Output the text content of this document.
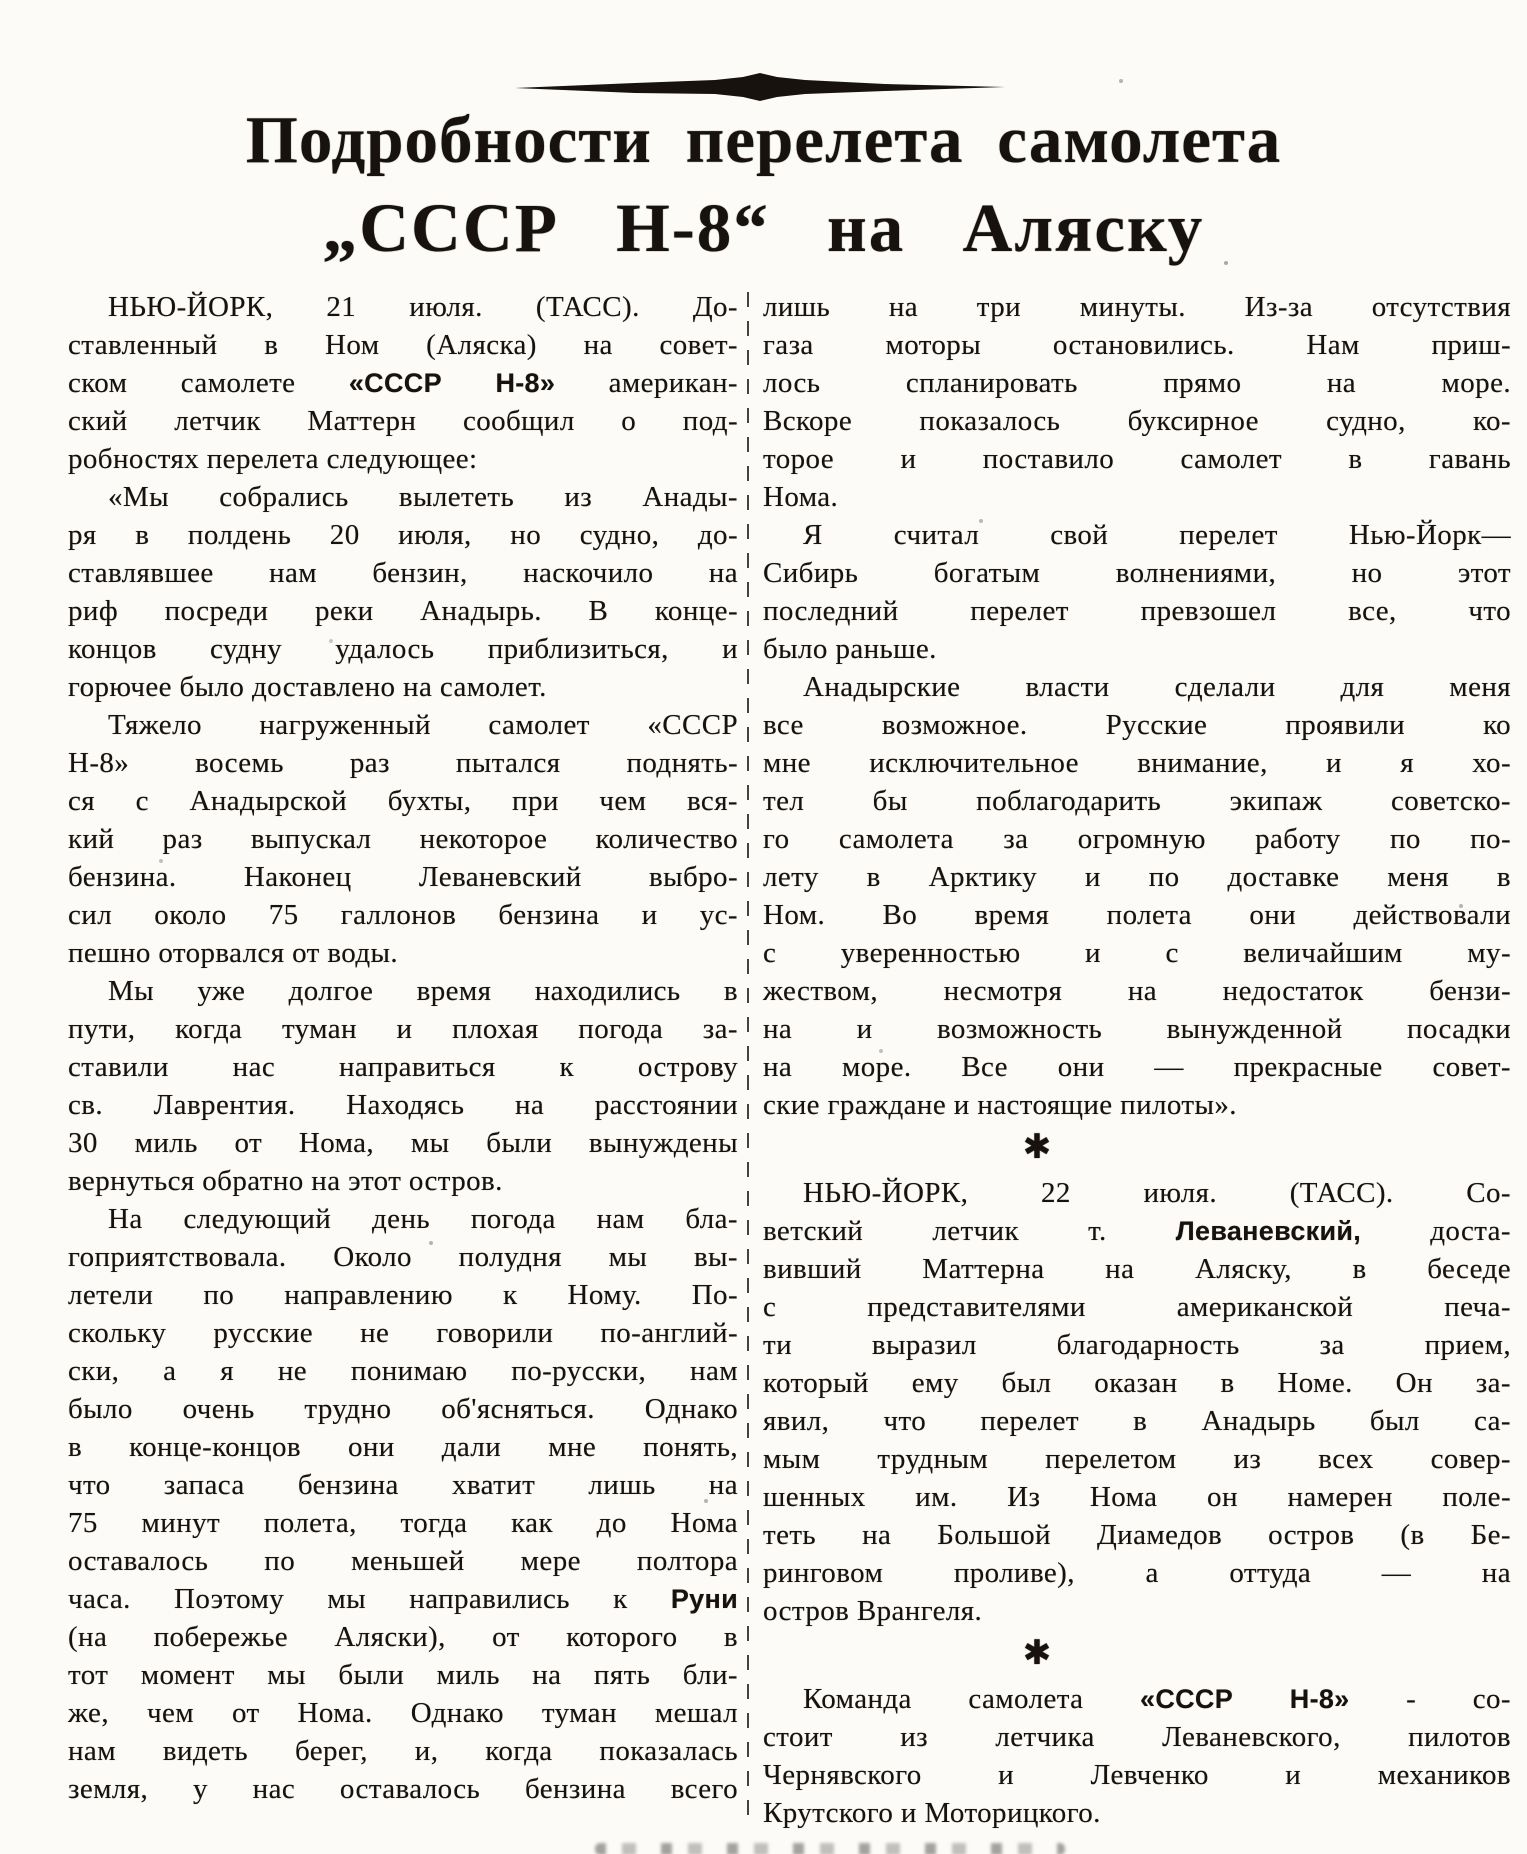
Подробности перелета самолета
„СССР Н-8“ на Аляску
НЬЮ-ЙОРК, 21 июля. (ТАСС). До-
ставленный в Ном (Аляска) на совет-
ском самолете «СССР Н-8» американ-
ский летчик Маттерн сообщил о под-
робностях перелета следующее:
«Мы собрались вылететь из Анады-
ря в полдень 20 июля, но судно, до-
ставлявшее нам бензин, наскочило на
риф посреди реки Анадырь. В конце-
концов судну удалось приблизиться, и
горючее было доставлено на самолет.
Тяжело нагруженный самолет «СССР
Н-8» восемь раз пытался поднять-
ся с Анадырской бухты, при чем вся-
кий раз выпускал некоторое количество
бензина. Наконец Леваневский выбро-
сил около 75 галлонов бензина и ус-
пешно оторвался от воды.
Мы уже долгое время находились в
пути, когда туман и плохая погода за-
ставили нас направиться к острову
св. Лаврентия. Находясь на расстоянии
30 миль от Нома, мы были вынуждены
вернуться обратно на этот остров.
На следующий день погода нам бла-
гоприятствовала. Около полудня мы вы-
летели по направлению к Ному. По-
скольку русские не говорили по-англий-
ски, а я не понимаю по-русски, нам
было очень трудно об'ясняться. Однако
в конце-концов они дали мне понять,
что запаса бензина хватит лишь на
75 минут полета, тогда как до Нома
оставалось по меньшей мере полтора
часа. Поэтому мы направились к Руни
(на побережье Аляски), от которого в
тот момент мы были миль на пять бли-
же, чем от Нома. Однако туман мешал
нам видеть берег, и, когда показалась
земля, у нас оставалось бензина всего
лишь на три минуты. Из-за отсутствия
газа моторы остановились. Нам приш-
лось спланировать прямо на море.
Вскоре показалось буксирное судно, ко-
торое и поставило самолет в гавань
Нома.
Я считал свой перелет Нью-Йорк—
Сибирь богатым волнениями, но этот
последний перелет превзошел все, что
было раньше.
Анадырские власти сделали для меня
все возможное. Русские проявили ко
мне исключительное внимание, и я хо-
тел бы поблагодарить экипаж советско-
го самолета за огромную работу по по-
лету в Арктику и по доставке меня в
Ном. Во время полета они действовали
с уверенностью и с величайшим му-
жеством, несмотря на недостаток бензи-
на и возможность вынужденной посадки
на море. Все они — прекрасные совет-
ские граждане и настоящие пилоты».
✱
НЬЮ-ЙОРК, 22 июля. (ТАСС). Со-
ветский летчик т. Леваневский, доста-
вивший Маттерна на Аляску, в беседе
с представителями американской печа-
ти выразил благодарность за прием,
который ему был оказан в Номе. Он за-
явил, что перелет в Анадырь был са-
мым трудным перелетом из всех совер-
шенных им. Из Нома он намерен поле-
теть на Большой Диамедов остров (в Бе-
ринговом проливе), а оттуда — на
остров Врангеля.
✱
Команда самолета «СССР Н-8» - со-
стоит из летчика Леваневского, пилотов
Чернявского и Левченко и механиков
Крутского и Моторицкого.
